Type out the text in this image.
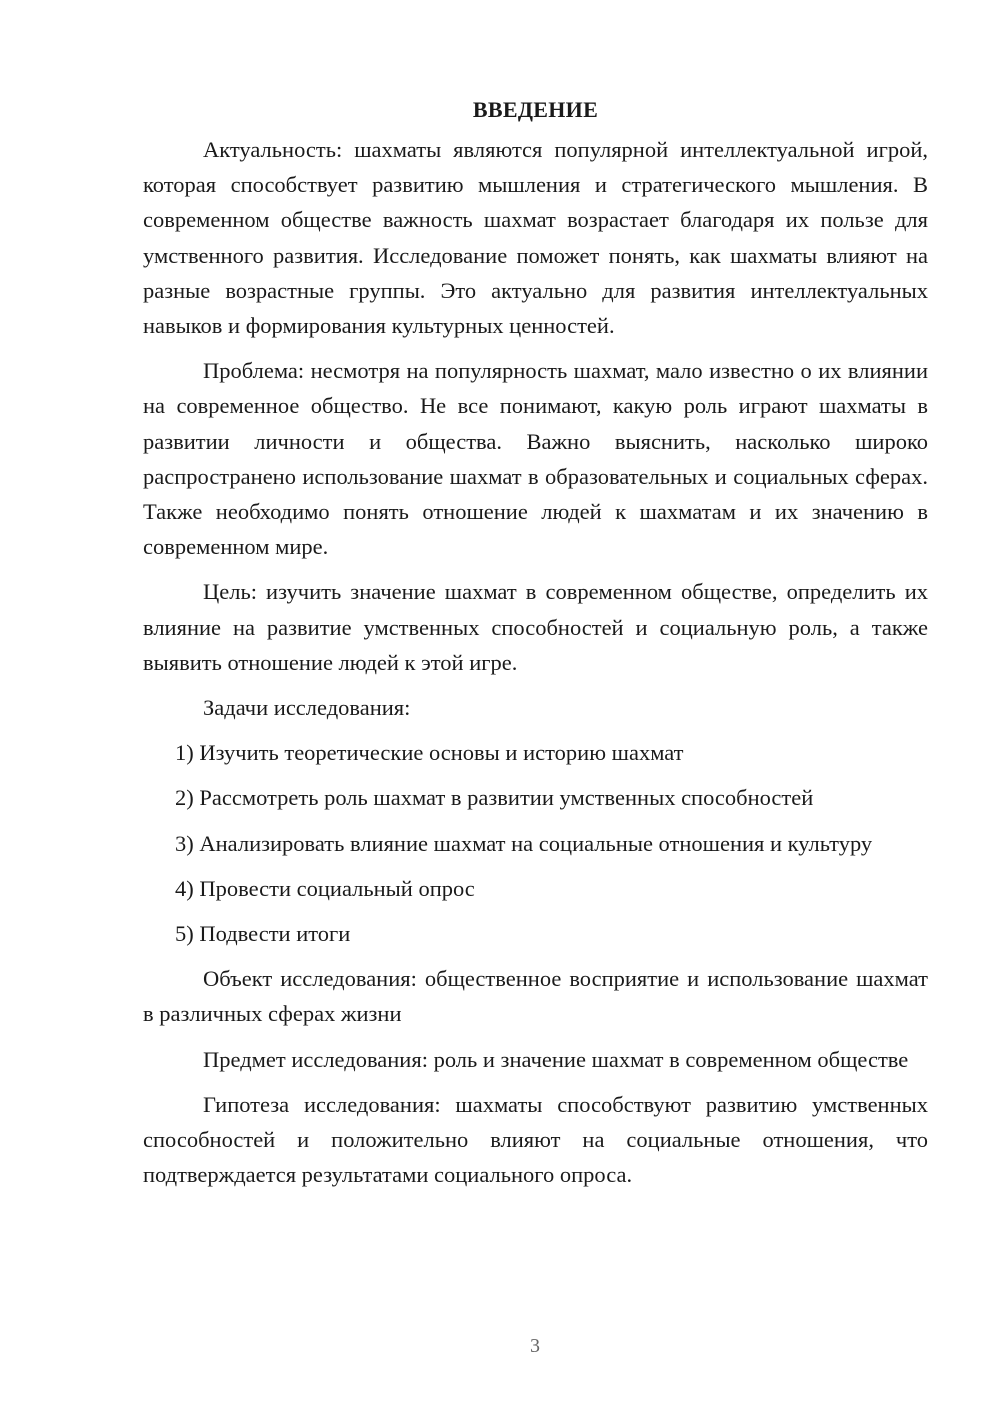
ВВЕДЕНИЕ

Актуальность: шахматы являются популярной интеллектуальной игрой, которая способствует развитию мышления и стратегического мышления. В современном обществе важность шахмат возрастает благодаря их пользе для умственного развития. Исследование поможет понять, как шахматы влияют на разные возрастные группы. Это актуально для развития интеллектуальных навыков и формирования культурных ценностей.

Проблема: несмотря на популярность шахмат, мало известно о их влиянии на современное общество. Не все понимают, какую роль играют шахматы в развитии личности и общества. Важно выяснить, насколько широко распространено использование шахмат в образовательных и социальных сферах. Также необходимо понять отношение людей к шахматам и их значению в современном мире.

Цель: изучить значение шахмат в современном обществе, определить их влияние на развитие умственных способностей и социальную роль, а также выявить отношение людей к этой игре.

Задачи исследования:

1) Изучить теоретические основы и историю шахмат

2) Рассмотреть роль шахмат в развитии умственных способностей

3) Анализировать влияние шахмат на социальные отношения и культуру

4) Провести социальный опрос

5) Подвести итоги

Объект исследования: общественное восприятие и использование шахмат в различных сферах жизни

Предмет исследования: роль и значение шахмат в современном обществе

Гипотеза исследования: шахматы способствуют развитию умственных способностей и положительно влияют на социальные отношения, что подтверждается результатами социального опроса.

3
